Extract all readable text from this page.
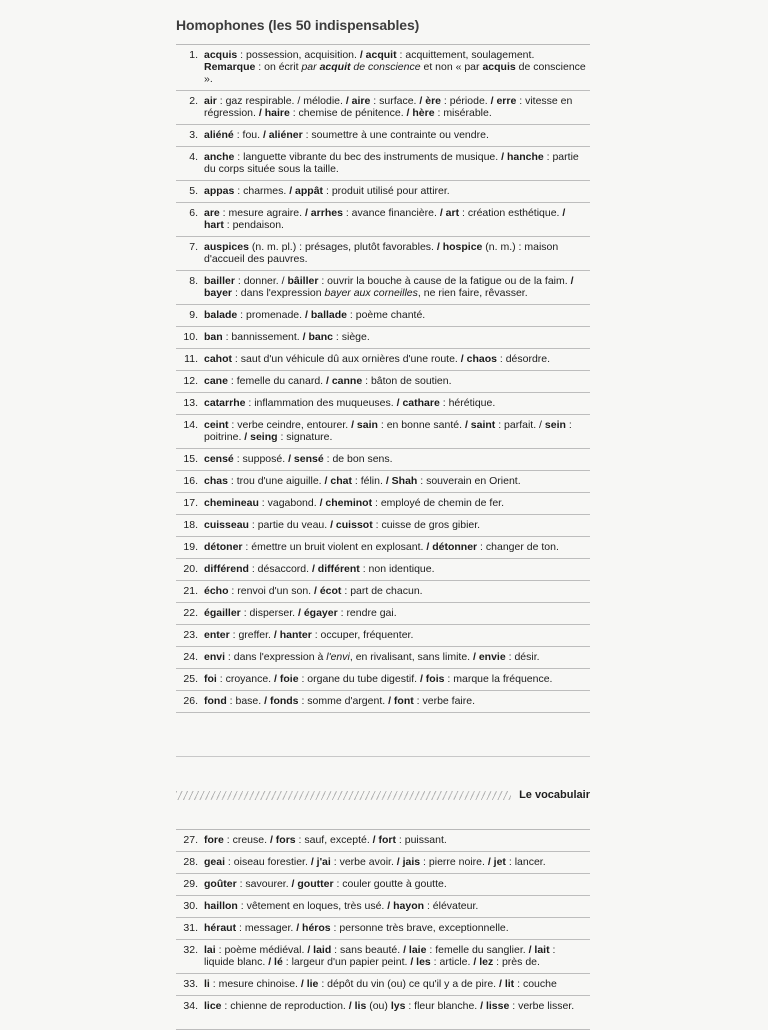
Homophones (les 50 indispensables)
1. acquis : possession, acquisition. / acquit : acquittement, soulagement.
Remarque : on écrit par acquit de conscience et non « par acquis de conscience ».
2. air : gaz respirable. / mélodie. / aire : surface. / ère : période. / erre : vitesse en régression. / haire : chemise de pénitence. / hère : misérable.
3. aliéné : fou. / aliéner : soumettre à une contrainte ou vendre.
4. anche : languette vibrante du bec des instruments de musique. / hanche : partie du corps située sous la taille.
5. appas : charmes. / appât : produit utilisé pour attirer.
6. are : mesure agraire. / arrhes : avance financière. / art : création esthétique. / hart : pendaison.
7. auspices (n. m. pl.) : présages, plutôt favorables. / hospice (n. m.) : maison d'accueil des pauvres.
8. bailler : donner. / bâiller : ouvrir la bouche à cause de la fatigue ou de la faim. / bayer : dans l'expression bayer aux corneilles, ne rien faire, rêvasser.
9. balade : promenade. / ballade : poème chanté.
10. ban : bannissement. / banc : siège.
11. cahot : saut d'un véhicule dû aux ornières d'une route. / chaos : désordre.
12. cane : femelle du canard. / canne : bâton de soutien.
13. catarrhe : inflammation des muqueuses. / cathare : hérétique.
14. ceint : verbe ceindre, entourer. / sain : en bonne santé. / saint : parfait. / sein : poitrine. / seing : signature.
15. censé : supposé. / sensé : de bon sens.
16. chas : trou d'une aiguille. / chat : félin. / Shah : souverain en Orient.
17. chemineau : vagabond. / cheminot : employé de chemin de fer.
18. cuisseau : partie du veau. / cuissot : cuisse de gros gibier.
19. détoner : émettre un bruit violent en explosant. / détonner : changer de ton.
20. différend : désaccord. / différent : non identique.
21. écho : renvoi d'un son. / écot : part de chacun.
22. égailler : disperser. / égayer : rendre gai.
23. enter : greffer. / hanter : occuper, fréquenter.
24. envi : dans l'expression à l'envi, en rivalisant, sans limite. / envie : désir.
25. foi : croyance. / foie : organe du tube digestif. / fois : marque la fréquence.
26. fond : base. / fonds : somme d'argent. / font : verbe faire.
Le vocabulair
27. fore : creuse. / fors : sauf, excepté. / fort : puissant.
28. geai : oiseau forestier. / j'ai : verbe avoir. / jais : pierre noire. / jet : lancer.
29. goûter : savourer. / goutter : couler goutte à goutte.
30. haillon : vêtement en loques, très usé. / hayon : élévateur.
31. héraut : messager. / héros : personne très brave, exceptionnelle.
32. lai : poème médiéval. / laid : sans beauté. / laie : femelle du sanglier. / lait : liquide blanc. / lé : largeur d'un papier peint. / les : article. / lez : près de.
33. li : mesure chinoise. / lie : dépôt du vin (ou) ce qu'il y a de pire. / lit : couche
34. lice : chienne de reproduction. / lis (ou) lys : fleur blanche. / lisse : verbe lisser.
